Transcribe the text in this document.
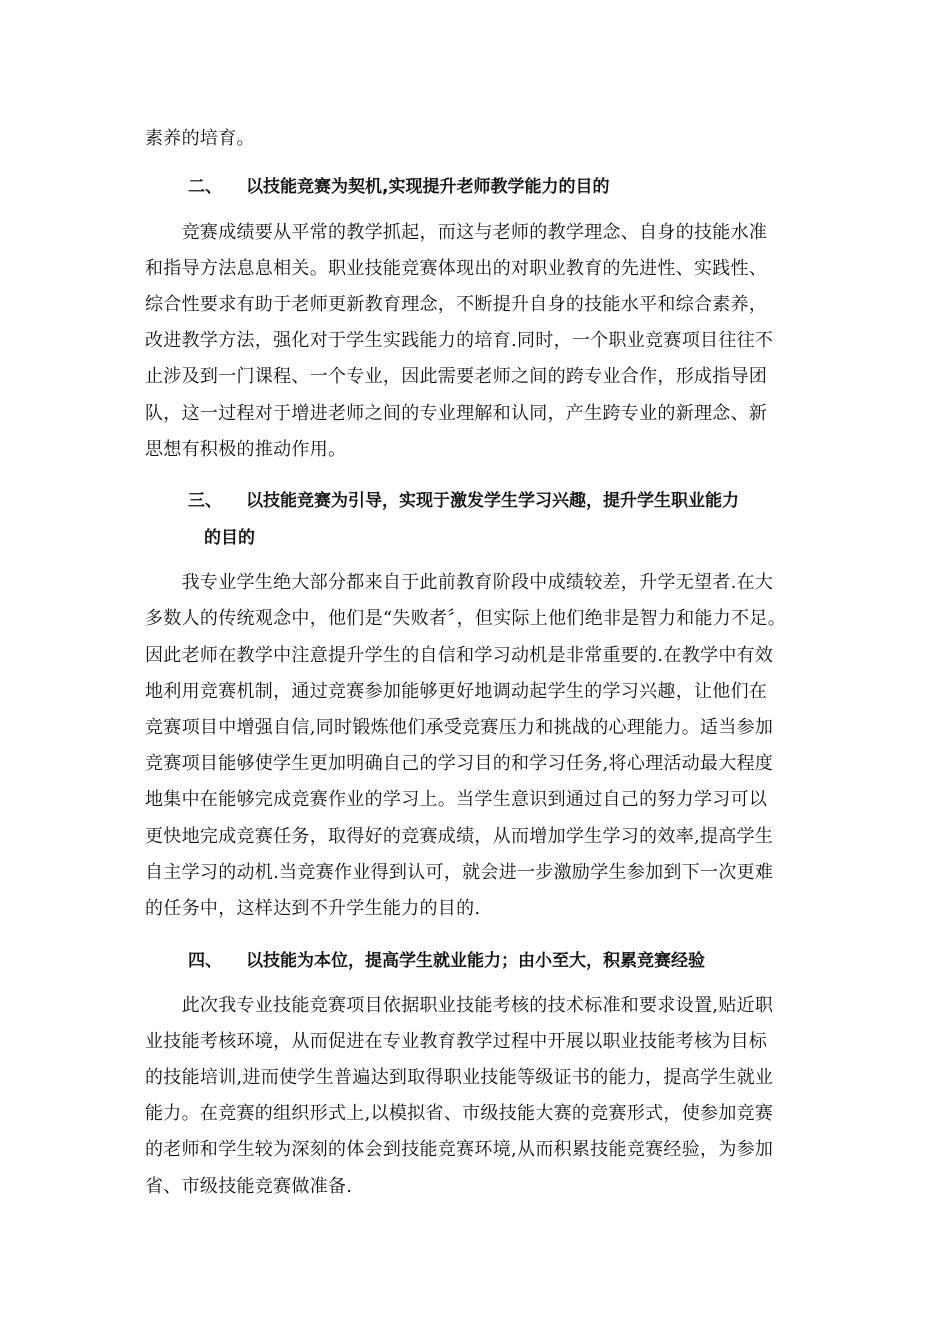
素养的培育。
二、 以技能竞赛为契机,实现提升老师教学能力的目的
　　竞赛成绩要从平常的教学抓起，而这与老师的教学理念、自身的技能水准
和指导方法息息相关。职业技能竞赛体现出的对职业教育的先进性、实践性、
综合性要求有助于老师更新教育理念，不断提升自身的技能水平和综合素养，
改进教学方法，强化对于学生实践能力的培育.同时，一个职业竞赛项目往往不
止涉及到一门课程、一个专业，因此需要老师之间的跨专业合作，形成指导团
队，这一过程对于增进老师之间的专业理解和认同，产生跨专业的新理念、新
思想有积极的推动作用。
三、 以技能竞赛为引导，实现于激发学生学习兴趣，提升学生职业能力
的目的
　　我专业学生绝大部分都来自于此前教育阶段中成绩较差，升学无望者.在大
多数人的传统观念中，他们是“失败者〞，但实际上他们绝非是智力和能力不足。
因此老师在教学中注意提升学生的自信和学习动机是非常重要的.在教学中有效
地利用竞赛机制，通过竞赛参加能够更好地调动起学生的学习兴趣，让他们在
竞赛项目中增强自信,同时锻炼他们承受竞赛压力和挑战的心理能力。适当参加
竞赛项目能够使学生更加明确自己的学习目的和学习任务,将心理活动最大程度
地集中在能够完成竞赛作业的学习上。当学生意识到通过自己的努力学习可以
更快地完成竞赛任务，取得好的竞赛成绩，从而增加学生学习的效率,提高学生
自主学习的动机.当竞赛作业得到认可，就会进一步激励学生参加到下一次更难
的任务中，这样达到不升学生能力的目的.
四、 以技能为本位，提高学生就业能力；由小至大，积累竞赛经验
　　此次我专业技能竞赛项目依据职业技能考核的技术标准和要求设置,贴近职
业技能考核环境，从而促进在专业教育教学过程中开展以职业技能考核为目标
的技能培训,进而使学生普遍达到取得职业技能等级证书的能力，提高学生就业
能力。在竞赛的组织形式上,以模拟省、市级技能大赛的竞赛形式，使参加竞赛
的老师和学生较为深刻的体会到技能竞赛环境,从而积累技能竞赛经验，为参加
省、市级技能竞赛做准备.
